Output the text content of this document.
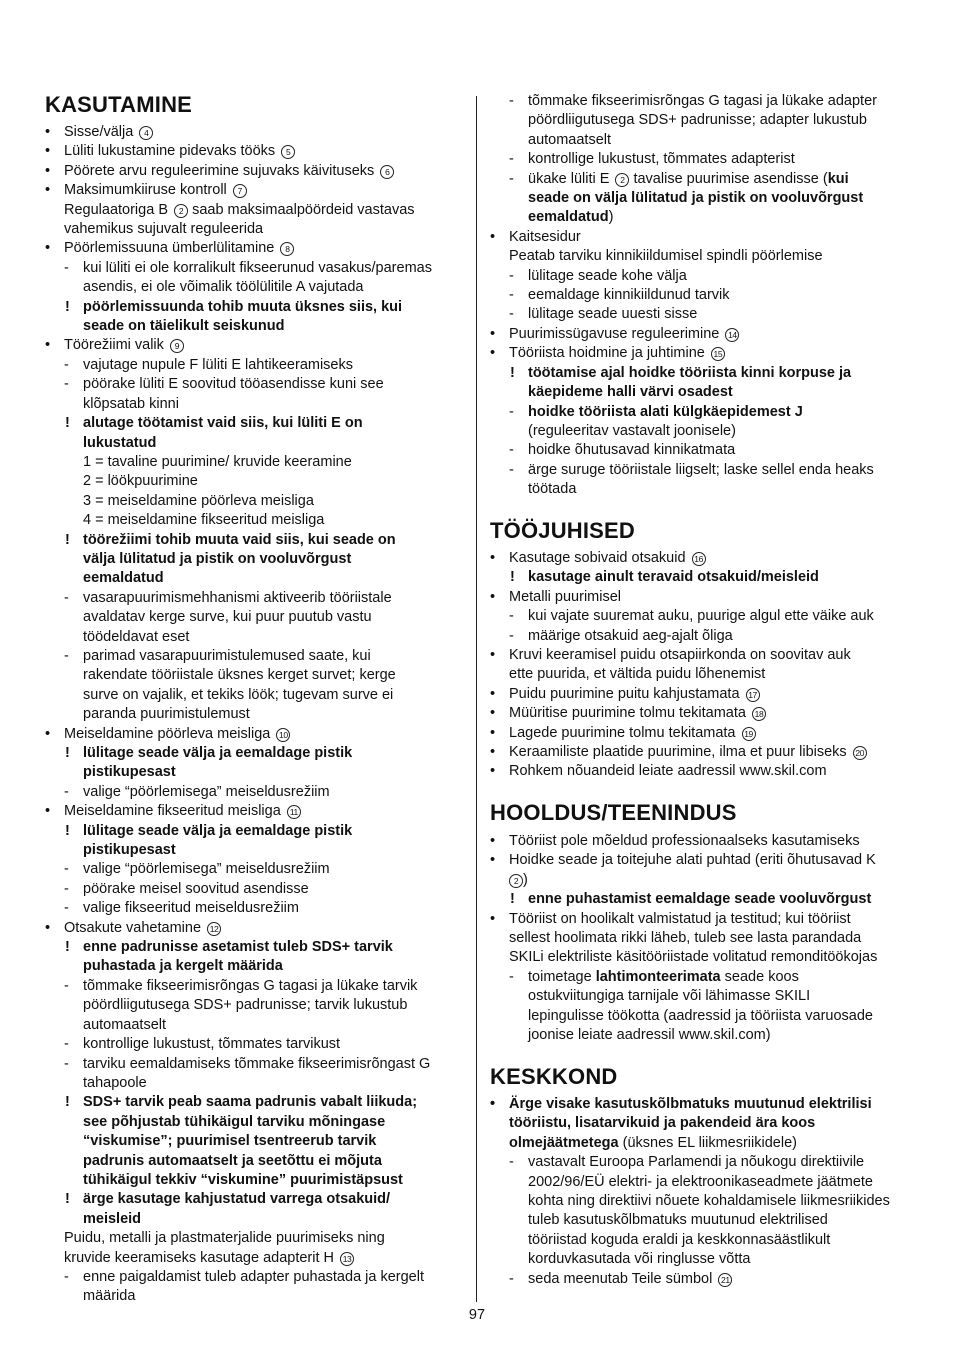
KASUTAMINE
•
Sisse/välja 4
•
Lüliti lukustamine pidevaks tööks 5
•
Pöörete arvu reguleerimine sujuvaks käivituseks 6
•
Maksimumkiiruse kontroll 7
Regulaatoriga B 2 saab maksimaalpöördeid vastavas
vahemikus sujuvalt reguleerida
•
Pöörlemissuuna ümberlülitamine 8
-
kui lüliti ei ole korralikult fikseerunud vasakus/paremas
asendis, ei ole võimalik töölülitile A vajutada
!
pöörlemissuunda tohib muuta üksnes siis, kui
seade on täielikult seiskunud
•
Töörežiimi valik 9
-
vajutage nupule F lüliti E lahtikeeramiseks
-
pöörake lüliti E soovitud tööasendisse kuni see
klõpsatab kinni
!
alutage töötamist vaid siis, kui lüliti E on
lukustatud
1 = tavaline puurimine/ kruvide keeramine
2 = löökpuurimine
3 = meiseldamine pöörleva meisliga
4 = meiseldamine fikseeritud meisliga
!
töörežiimi tohib muuta vaid siis, kui seade on
välja lülitatud ja pistik on vooluvõrgust
eemaldatud
-
vasarapuurimismehhanismi aktiveerib tööriistale
avaldatav kerge surve, kui puur puutub vastu
töödeldavat eset
-
parimad vasarapuurimistulemused saate, kui
rakendate tööriistale üksnes kerget survet; kerge
surve on vajalik, et tekiks löök; tugevam surve ei
paranda puurimistulemust
•
Meiseldamine pöörleva meisliga 10
!
lülitage seade välja ja eemaldage pistik
pistikupesast
-
valige “pöörlemisega” meiseldusrežiim
•
Meiseldamine fikseeritud meisliga 11
!
lülitage seade välja ja eemaldage pistik
pistikupesast
-
valige “pöörlemisega” meiseldusrežiim
-
pöörake meisel soovitud asendisse
-
valige fikseeritud meiseldusrežiim
•
Otsakute vahetamine 12
!
enne padrunisse asetamist tuleb SDS+ tarvik
puhastada ja kergelt määrida
-
tõmmake fikseerimisrõngas G tagasi ja lükake tarvik
pöördliigutusega SDS+ padrunisse; tarvik lukustub
automaatselt
-
kontrollige lukustust, tõmmates tarvikust
-
tarviku eemaldamiseks tõmmake fikseerimisrõngast G
tahapoole
!
SDS+ tarvik peab saama padrunis vabalt liikuda;
see põhjustab tühikäigul tarviku mõningase
“viskumise”; puurimisel tsentreerub tarvik
padrunis automaatselt ja seetõttu ei mõjuta
tühikäigul tekkiv “viskumine” puurimistäpsust
!
ärge kasutage kahjustatud varrega otsakuid/
meisleid
Puidu, metalli ja plastmaterjalide puurimiseks ning
kruvide keeramiseks kasutage adapterit H 13
-
enne paigaldamist tuleb adapter puhastada ja kergelt
määrida
-
tõmmake fikseerimisrõngas G tagasi ja lükake adapter
pöördliigutusega SDS+ padrunisse; adapter lukustub
automaatselt
-
kontrollige lukustust, tõmmates adapterist
-
ükake lüliti E 2 tavalise puurimise asendisse (kui
seade on välja lülitatud ja pistik on vooluvõrgust
eemaldatud)
•
Kaitsesidur
Peatab tarviku kinnikiildumisel spindli pöörlemise
-
lülitage seade kohe välja
-
eemaldage kinnikiildunud tarvik
-
lülitage seade uuesti sisse
•
Puurimissügavuse reguleerimine 14
•
Tööriista hoidmine ja juhtimine 15
!
töötamise ajal hoidke tööriista kinni korpuse ja
käepideme halli värvi osadest
-
hoidke tööriista alati külgkäepidemest J
(reguleeritav vastavalt joonisele)
-
hoidke õhutusavad kinnikatmata
-
ärge suruge tööriistale liigselt; laske sellel enda heaks
töötada
TÖÖJUHISED
•
Kasutage sobivaid otsakuid 16
!
kasutage ainult teravaid otsakuid/meisleid
•
Metalli puurimisel
-
kui vajate suuremat auku, puurige algul ette väike auk
-
määrige otsakuid aeg-ajalt õliga
•
Kruvi keeramisel puidu otsapiirkonda on soovitav auk
ette puurida, et vältida puidu lõhenemist
•
Puidu puurimine puitu kahjustamata 17
•
Müüritise puurimine tolmu tekitamata 18
•
Lagede puurimine tolmu tekitamata 19
•
Keraamiliste plaatide puurimine, ilma et puur libiseks 20
•
Rohkem nõuandeid leiate aadressil www.skil.com
HOOLDUS/TEENINDUS
•
Tööriist pole mõeldud professionaalseks kasutamiseks
•
Hoidke seade ja toitejuhe alati puhtad (eriti õhutusavad K
2 )
!
enne puhastamist eemaldage seade vooluvõrgust
•
Tööriist on hoolikalt valmistatud ja testitud; kui tööriist
sellest hoolimata rikki läheb, tuleb see lasta parandada
SKILi elektriliste käsitööriistade volitatud remonditöökojas
-
toimetage lahtimonteerimata seade koos
ostukviitungiga tarnijale või lähimasse SKILI
lepingulisse töökotta (aadressid ja tööriista varuosade
joonise leiate aadressil www.skil.com)
KESKKOND
•
Ärge visake kasutuskõlbmatuks muutunud elektrilisi
tööriistu, lisatarvikuid ja pakendeid ära koos
olmejäätmetega (üksnes EL liikmesriikidele)
-
vastavalt Euroopa Parlamendi ja nõukogu direktiivile
2002/96/EÜ elektri- ja elektroonikaseadmete jäätmete
kohta ning direktiivi nõuete kohaldamisele liikmesriikides
tuleb kasutuskõlbmatuks muutunud elektrilised
tööriistad koguda eraldi ja keskkonnasäästlikult
korduvkasutada või ringlusse võtta
-
seda meenutab Teile sümbol 21
97
